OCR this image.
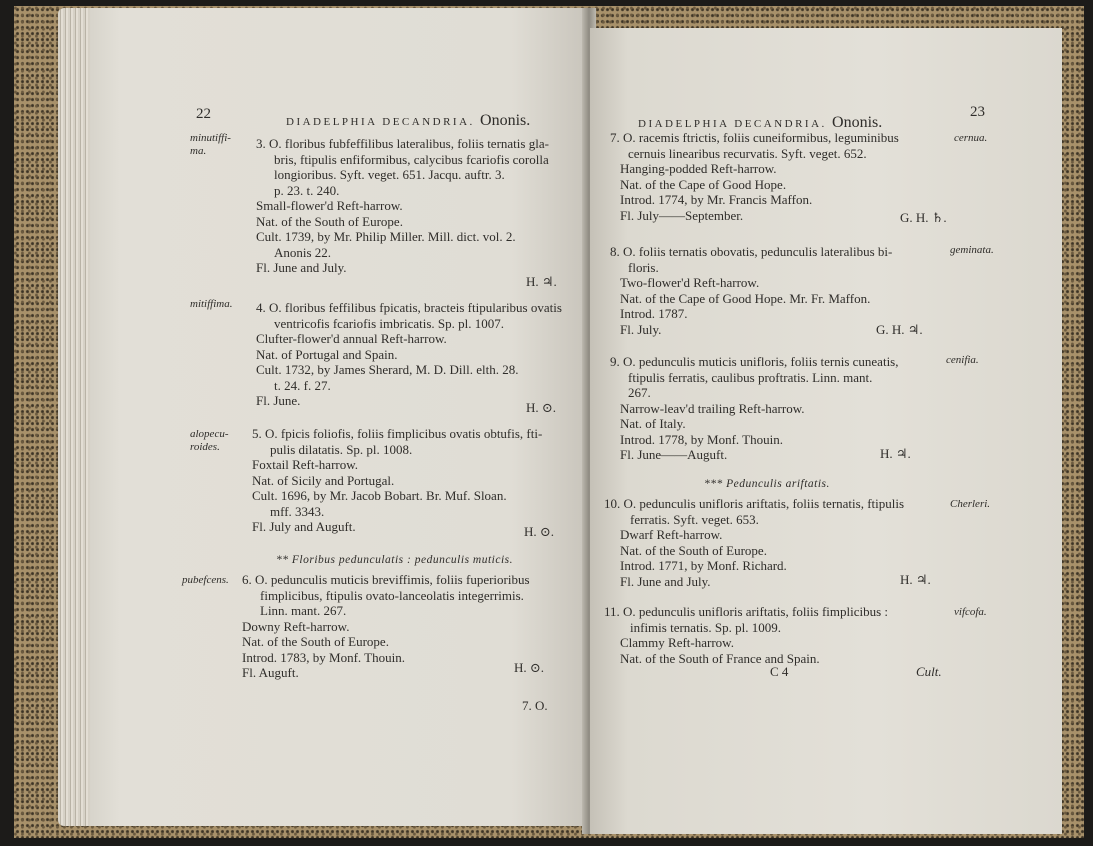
22	DIADELPHIA DECANDRIA. Ononis.
minutiffi-
ma.	3. O. floribus fubfeffilibus lateralibus, foliis ternatis gla-
bris, ftipulis enfiformibus, calycibus fcariofis corolla
longioribus. Syft. veget. 651. Jacqu. auftr. 3.
p. 23. t. 240.
Small-flower'd Reft-harrow.
Nat. of the South of Europe.
Cult. 1739, by Mr. Philip Miller. Mill. dict. vol. 2.
Anonis 22.
Fl. June and July.
H. ♃.
mitiffima. 4. O. floribus feffilibus fpicatis, bracteis ftipularibus ovatis
ventricofis fcariofis imbricatis. Sp. pl. 1007.
Clufter-flower'd annual Reft-harrow.
Nat. of Portugal and Spain.
Cult. 1732, by James Sherard, M. D. Dill. elth. 28.
t. 24. f. 27.
Fl. June.	H. ⊙.
alopecu-
roides.
5. O. fpicis foliofis, foliis fimplicibus ovatis obtufis, fti-
pulis dilatatis. Sp. pl. 1008.
Foxtail Reft-harrow.
Nat. of Sicily and Portugal.
Cult. 1696, by Mr. Jacob Bobart. Br. Muf. Sloan.
mff. 3343.
Fl. July and Auguft.	H. ⊙.
** Floribus pedunculatis : pedunculis muticis.
pubefcens. 6. O. pedunculis muticis breviffimis, foliis fuperioribus
fimplicibus, ftipulis ovato-lanceolatis integerrimis.
Linn. mant. 267.
Downy Reft-harrow.
Nat. of the South of Europe.
Introd. 1783, by Monf. Thouin.
Fl. Auguft.	H. ⊙.
7. O.
DIADELPHIA DECANDRIA. Ononis.
23
7. O. racemis ftrictis, foliis cuneiformibus, leguminibus
cernuis linearibus recurvatis. Syft. veget. 652.
Hanging-podded Reft-harrow.
Nat. of the Cape of Good Hope.
Introd. 1774, by Mr. Francis Maffon.
Fl. July——September.
cernua.
G. H. ♄.
8. O. foliis ternatis obovatis, pedunculis lateralibus bi-
floris.
Two-flower'd Reft-harrow.
Nat. of the Cape of Good Hope. Mr. Fr. Maffon.
Introd. 1787.
Fl. July.
geminata.
G. H. ♃.
9. O. pedunculis muticis unifloris, foliis ternis cuneatis,
ftipulis ferratis, caulibus proftratis. Linn. mant.
267.
Narrow-leav'd trailing Reft-harrow.
Nat. of Italy.
Introd. 1778, by Monf. Thouin.
Fl. June——Auguft.
cenifia.
H. ♃.
*** Pedunculis ariftatis.
10. O. pedunculis unifloris ariftatis, foliis ternatis, ftipulis
ferratis. Syft. veget. 653.
Dwarf Reft-harrow.
Nat. of the South of Europe.
Introd. 1771, by Monf. Richard.
Fl. June and July.
Cherleri.
H. ♃.
11. O. pedunculis unifloris ariftatis, foliis fimplicibus :
infimis ternatis. Sp. pl. 1009.
Clammy Reft-harrow.
Nat. of the South of France and Spain.
vifcofa.
C 4	Cult.
